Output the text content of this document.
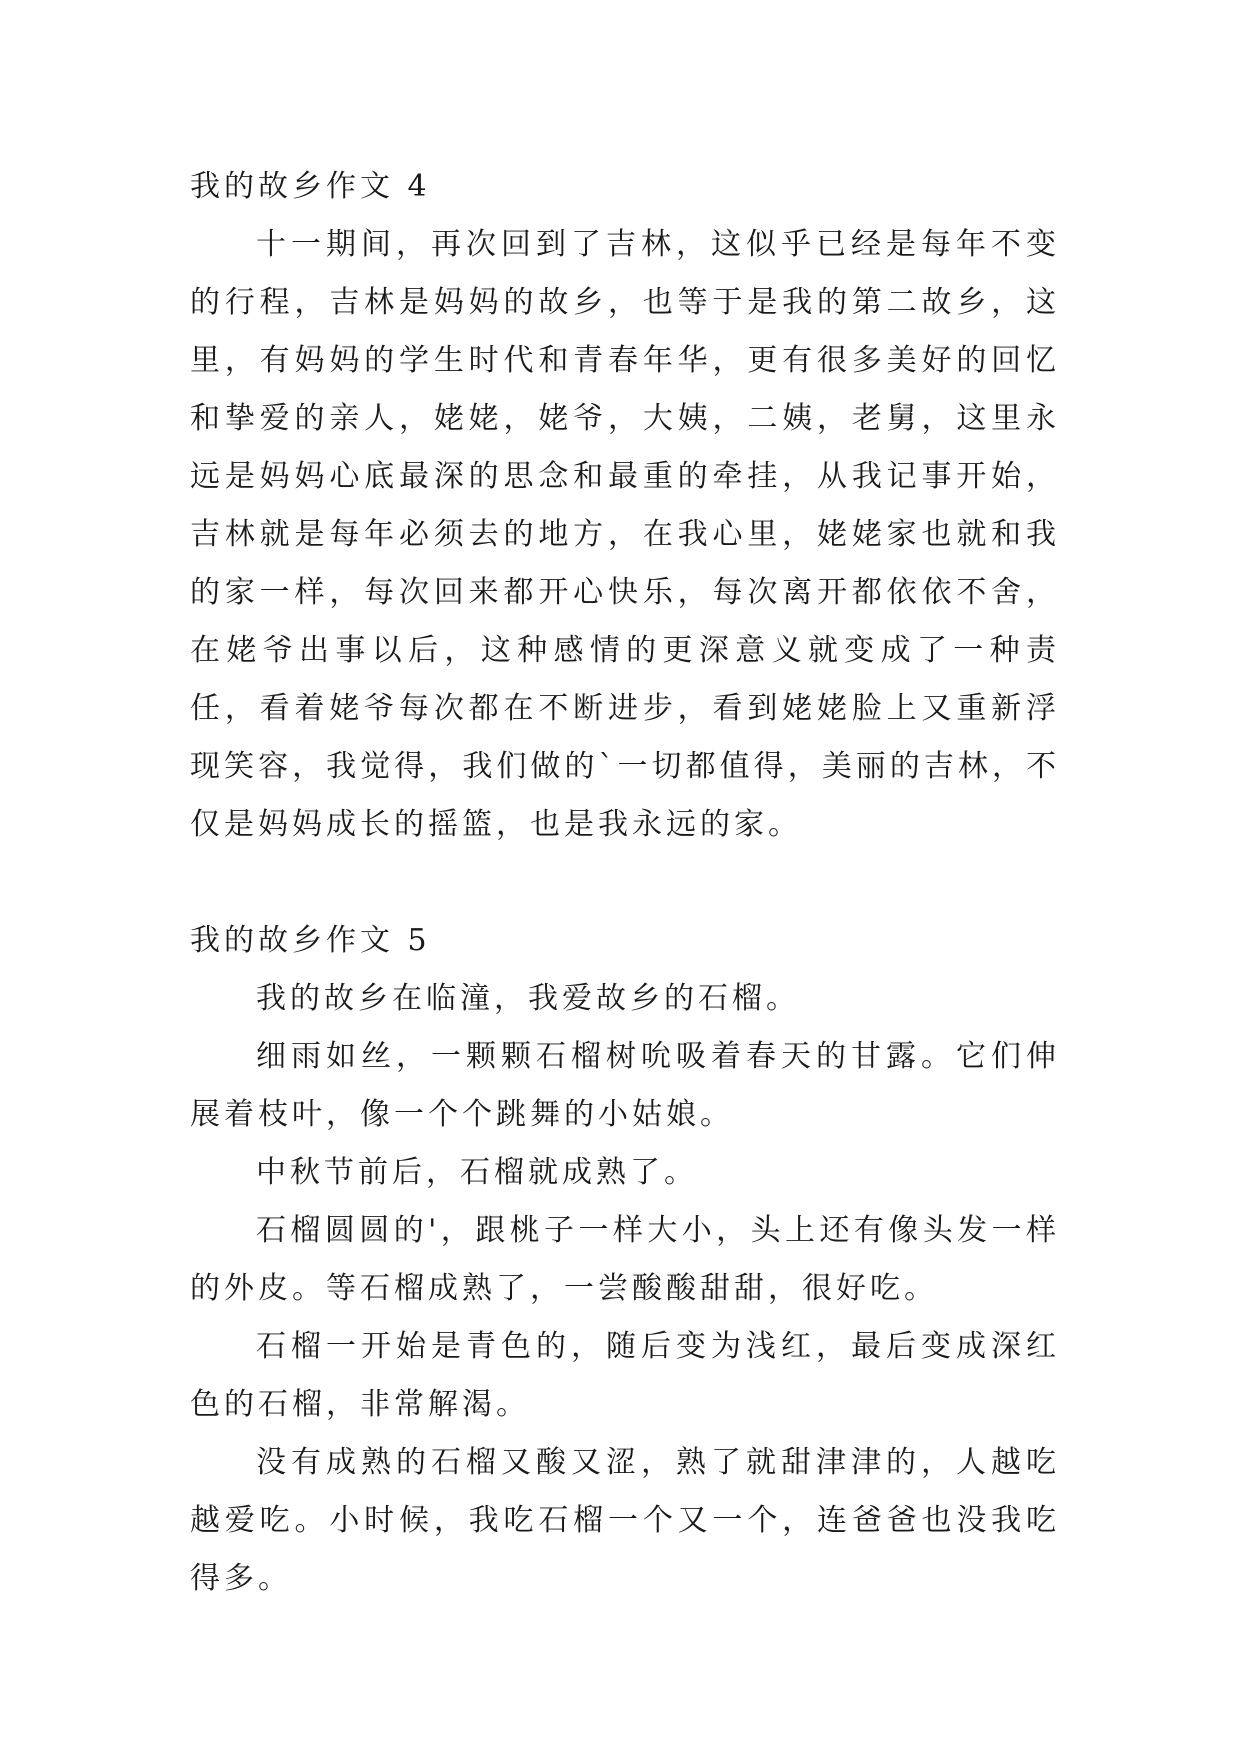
我的故乡作文 4

十一期间，再次回到了吉林，这似乎已经是每年不变的行程，吉林是妈妈的故乡，也等于是我的第二故乡，这里，有妈妈的学生时代和青春年华，更有很多美好的回忆和挚爱的亲人，姥姥，姥爷，大姨，二姨，老舅，这里永远是妈妈心底最深的思念和最重的牵挂，从我记事开始，吉林就是每年必须去的地方，在我心里，姥姥家也就和我的家一样，每次回来都开心快乐，每次离开都依依不舍，在姥爷出事以后，这种感情的更深意义就变成了一种责任，看着姥爷每次都在不断进步，看到姥姥脸上又重新浮现笑容，我觉得，我们做的`一切都值得，美丽的吉林，不仅是妈妈成长的摇篮，也是我永远的家。

我的故乡作文 5

我的故乡在临潼，我爱故乡的石榴。

细雨如丝，一颗颗石榴树吮吸着春天的甘露。它们伸展着枝叶，像一个个跳舞的小姑娘。

中秋节前后，石榴就成熟了。

石榴圆圆的'，跟桃子一样大小，头上还有像头发一样的外皮。等石榴成熟了，一尝酸酸甜甜，很好吃。

石榴一开始是青色的，随后变为浅红，最后变成深红色的石榴，非常解渴。

没有成熟的石榴又酸又涩，熟了就甜津津的，人越吃越爱吃。小时候，我吃石榴一个又一个，连爸爸也没我吃得多。
